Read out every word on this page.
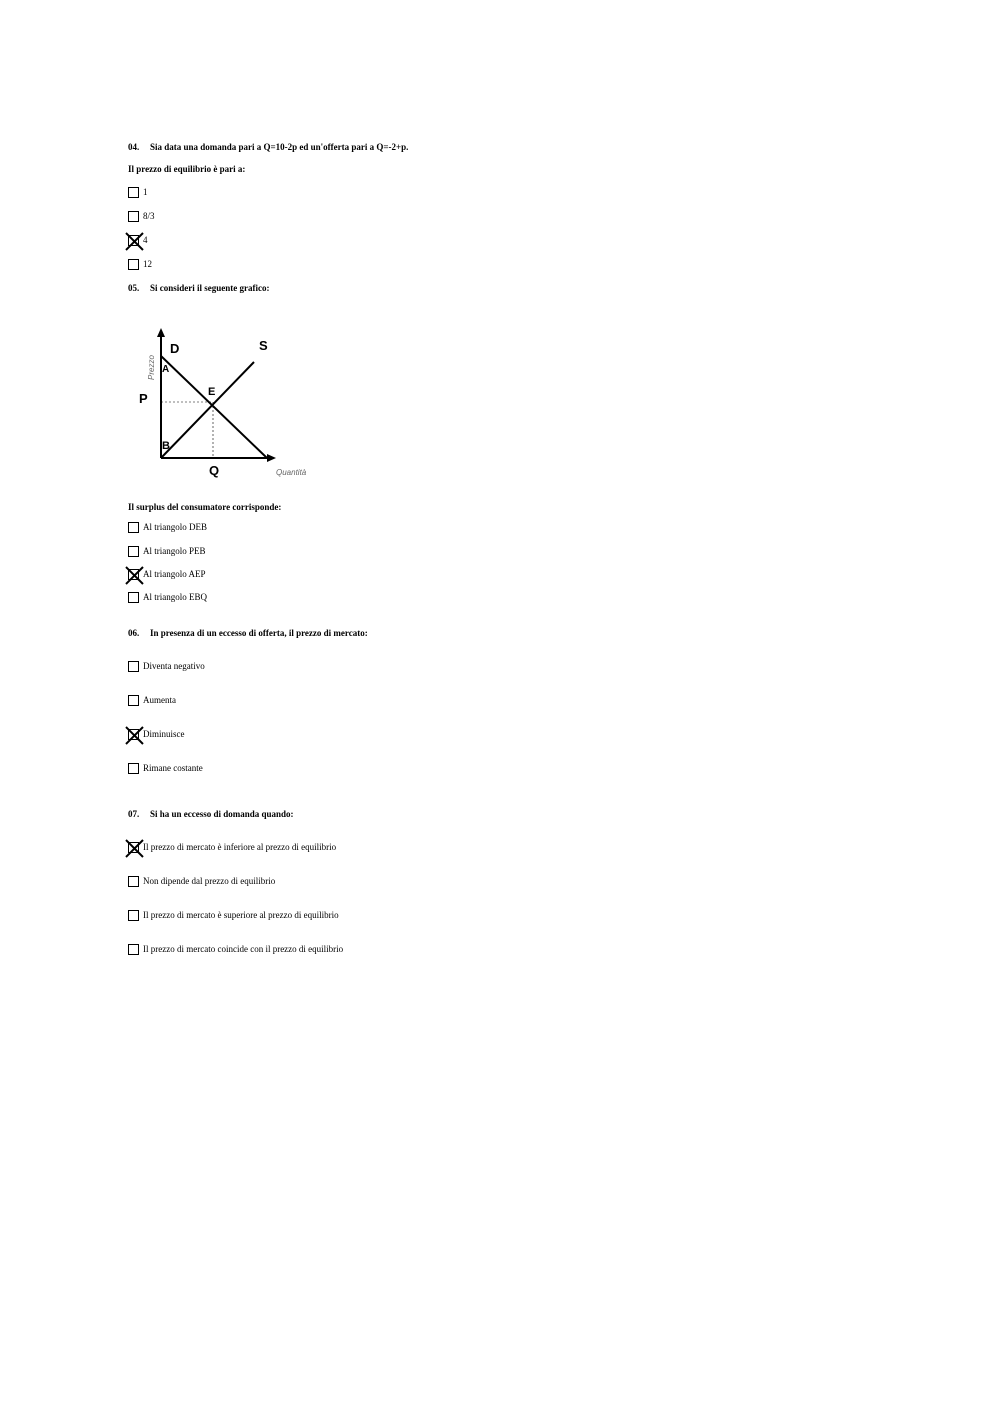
04. Sia data una domanda pari a Q=10-2p ed un'offerta pari a Q=-2+p.
Il prezzo di equilibrio è pari a:
1
8/3
4
12
05. Si consideri il seguente grafico:
D	S
A
E
P
B
Q	Quantità
Prezzo
Il surplus del consumatore corrisponde:
Al triangolo DEB
Al triangolo PEB
Al triangolo AEP
Al triangolo EBQ
06. In presenza di un eccesso di offerta, il prezzo di mercato:
Diventa negativo
Aumenta
Diminuisce
Rimane costante
07. Si ha un eccesso di domanda quando:
Il prezzo di mercato è inferiore al prezzo di equilibrio
Non dipende dal prezzo di equilibrio
Il prezzo di mercato è superiore al prezzo di equilibrio
Il prezzo di mercato coincide con il prezzo di equilibrio
